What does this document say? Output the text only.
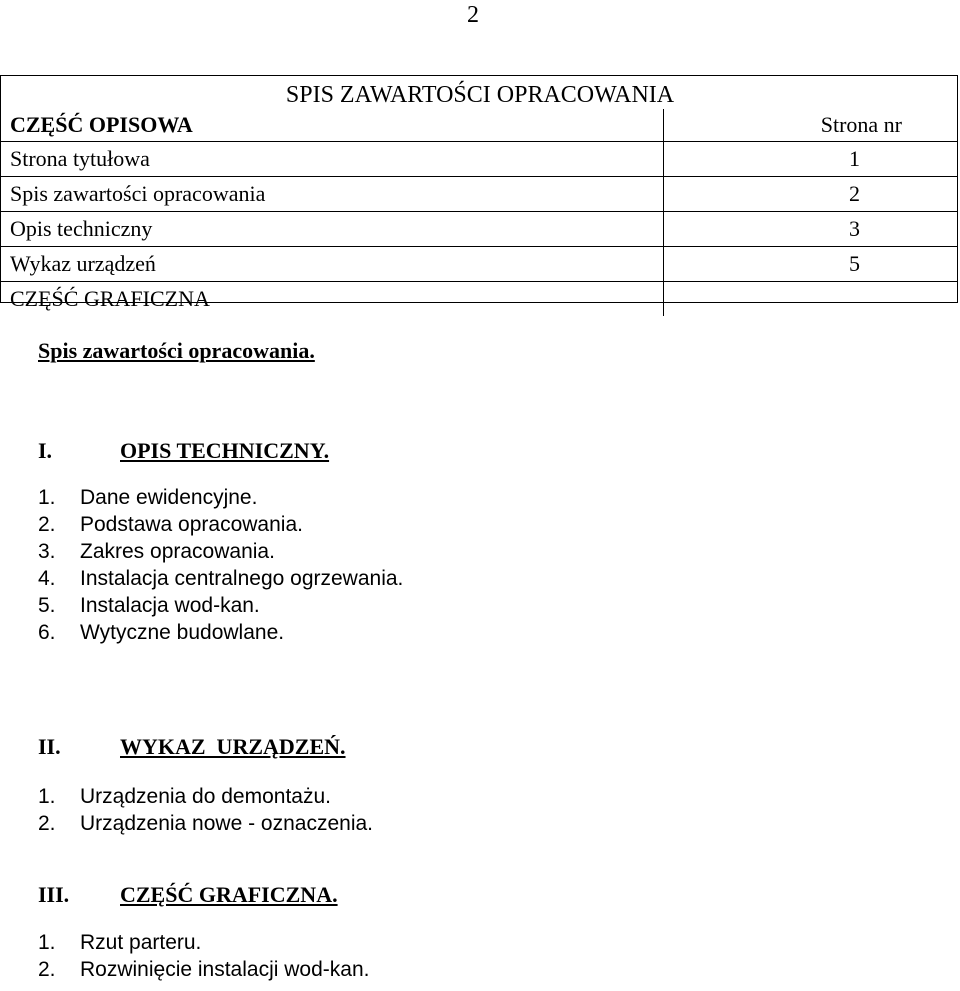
2
SPIS ZAWARTOŚCI OPRACOWANIA
CZĘŚĆ OPISOWA	Strona nr
Strona tytułowa	1
Spis zawartości opracowania	2
Opis techniczny	3
Wykaz urządzeń	5
CZĘŚĆ GRAFICZNA	
Spis zawartości opracowania.
I.	OPIS TECHNICZNY.
1. Dane ewidencyjne.
2. Podstawa opracowania.
3. Zakres opracowania.
4. Instalacja centralnego ogrzewania.
5. Instalacja wod-kan.
6. Wytyczne budowlane.
II.	WYKAZ  URZĄDZEŃ.
1. Urządzenia do demontażu.
2. Urządzenia nowe - oznaczenia.
III. CZĘŚĆ GRAFICZNA.
1. Rzut parteru.
2. Rozwinięcie instalacji wod-kan.
